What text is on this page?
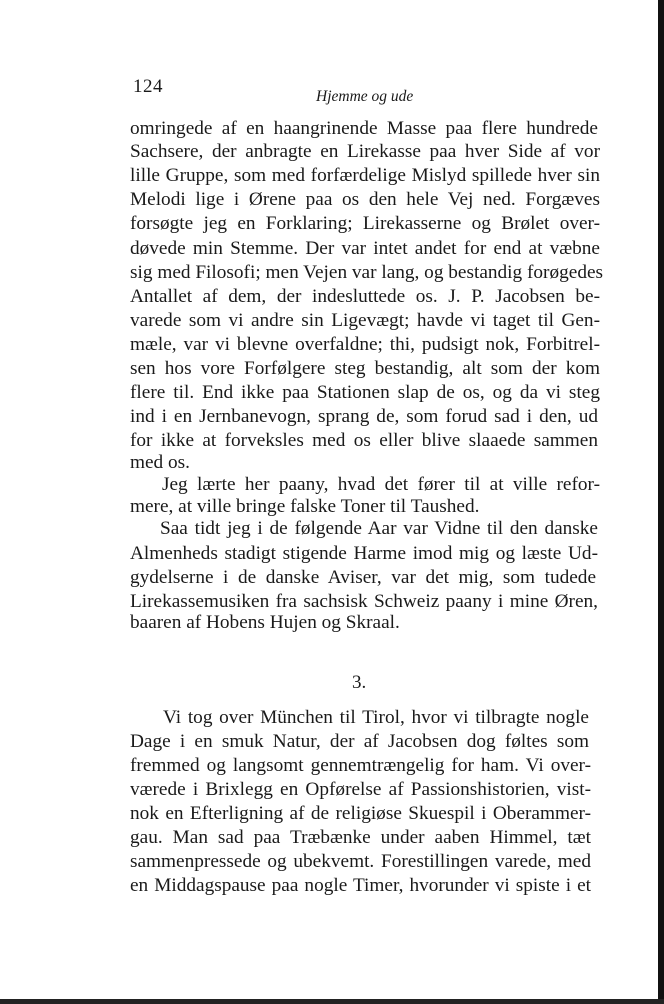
124	Hjemme og ude
omringede af en haangrinende Masse paa flere hundrede
Sachsere, der anbragte en Lirekasse paa hver Side af vor
lille Gruppe, som med forfærdelige Mislyd spillede hver sin
Melodi lige i Ørene paa os den hele Vej ned. Forgæves
forsøgte jeg en Forklaring; Lirekasserne og Brølet over-
døvede min Stemme. Der var intet andet for end at væbne
sig med Filosofi; men Vejen var lang, og bestandig forøgedes
Antallet af dem, der indesluttede os. J. P. Jacobsen be-
varede som vi andre sin Ligevægt; havde vi taget til Gen-
mæle, var vi blevne overfaldne; thi, pudsigt nok, Forbitrel-
sen hos vore Forfølgere steg bestandig, alt som der kom
flere til. End ikke paa Stationen slap de os, og da vi steg
ind i en Jernbanevogn, sprang de, som forud sad i den, ud
for ikke at forveksles med os eller blive slaaede sammen
med os.
Jeg lærte her paany, hvad det fører til at ville refor-
mere, at ville bringe falske Toner til Taushed.
Saa tidt jeg i de følgende Aar var Vidne til den danske
Almenheds stadigt stigende Harme imod mig og læste Ud-
gydelserne i de danske Aviser, var det mig, som tudede
Lirekassemusiken fra sachsisk Schweiz paany i mine Øren,
baaren af Hobens Hujen og Skraal.
3.
Vi tog over München til Tirol, hvor vi tilbragte nogle
Dage i en smuk Natur, der af Jacobsen dog føltes som
fremmed og langsomt gennemtrængelig for ham. Vi over-
værede i Brixlegg en Opførelse af Passionshistorien, vist-
nok en Efterligning af de religiøse Skuespil i Oberammer-
gau. Man sad paa Træbænke under aaben Himmel, tæt
sammenpressede og ubekvemt. Forestillingen varede, med
en Middagspause paa nogle Timer, hvorunder vi spiste i et
